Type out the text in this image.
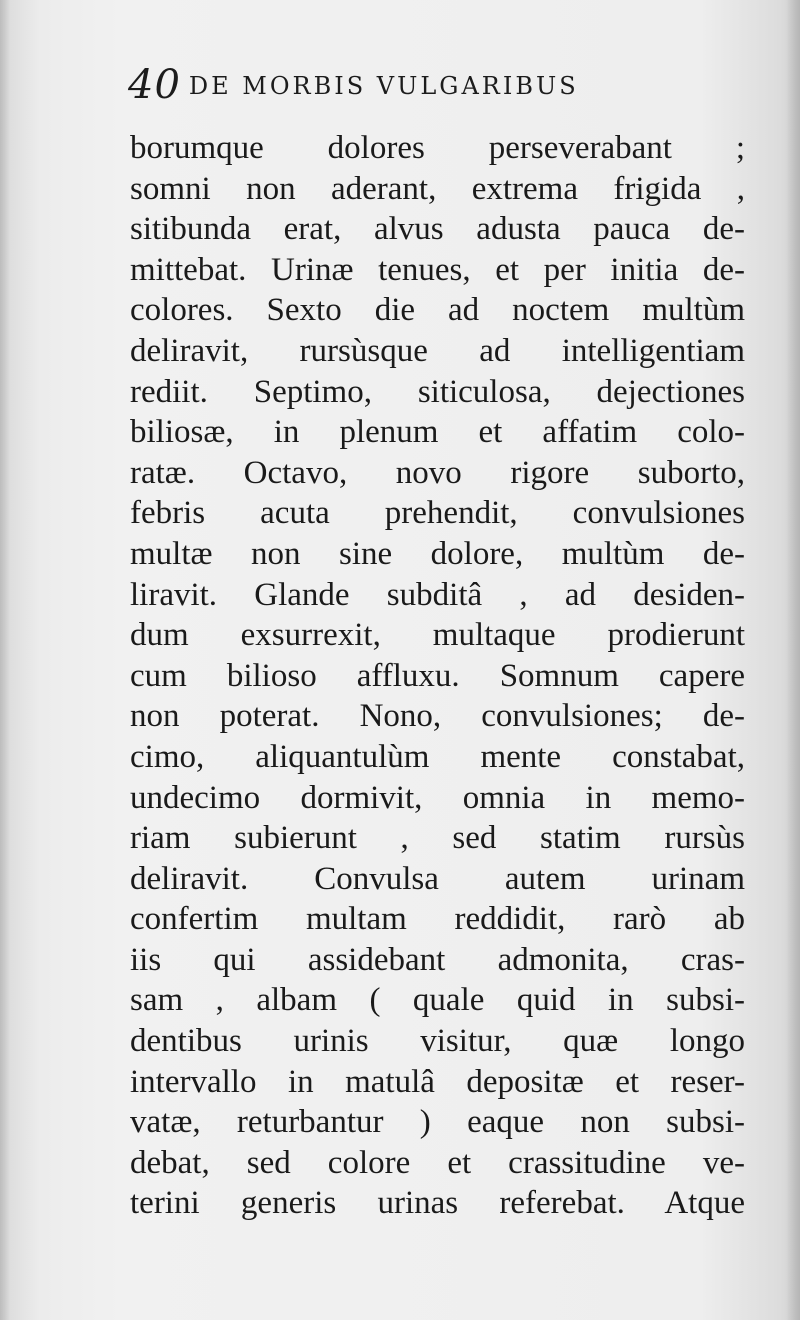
40 DE MORBIS VULGARIBUS
borumque dolores perseverabant ;
somni non aderant, extrema frigida ,
sitibunda erat, alvus adusta pauca de-
mittebat. Urinæ tenues, et per initia de-
colores. Sexto die ad noctem multùm
deliravit, rursùsque ad intelligentiam
rediit. Septimo, siticulosa, dejectiones
biliosæ, in plenum et affatim colo-
ratæ. Octavo, novo rigore suborto,
febris acuta prehendit, convulsiones
multæ non sine dolore, multùm de-
liravit. Glande subditâ , ad desiden-
dum exsurrexit, multaque prodierunt
cum bilioso affluxu. Somnum capere
non poterat. Nono, convulsiones; de-
cimo, aliquantulùm mente constabat,
undecimo dormivit, omnia in memo-
riam subierunt , sed statim rursùs
deliravit. Convulsa autem urinam
confertim multam reddidit, rarò ab
iis qui assidebant admonita, cras-
sam , albam ( quale quid in subsi-
dentibus urinis visitur, quæ longo
intervallo in matulâ depositæ et reser-
vatæ, returbantur ) eaque non subsi-
debat, sed colore et crassitudine ve-
terini generis urinas referebat. Atque
